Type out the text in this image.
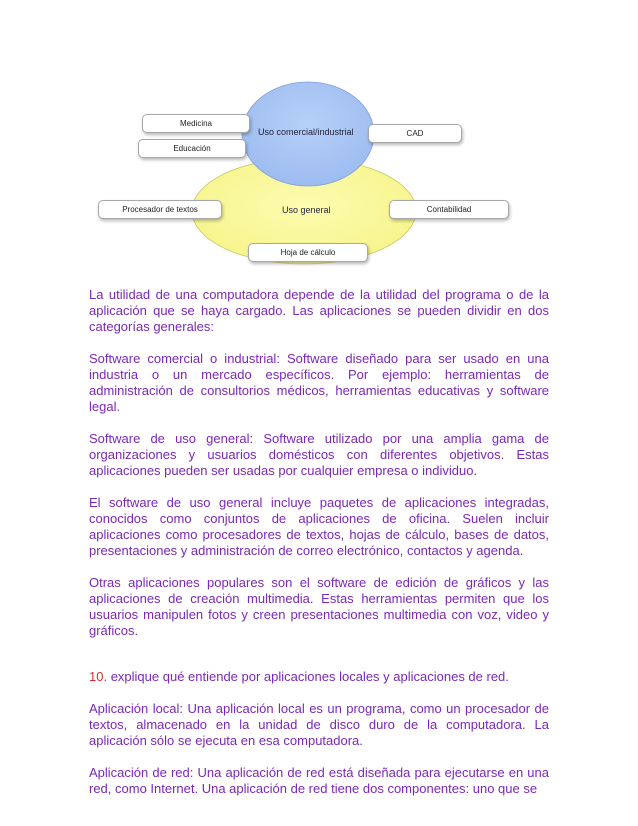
Uso comercial/industrial
Uso general
Medicina
Educación
CAD
Procesador de textos	Contabilidad
Hoja de cálculo

La utilidad de una computadora depende de la utilidad del programa o de la aplicación que se haya cargado. Las aplicaciones se pueden dividir en dos categorías generales:

Software comercial o industrial: Software diseñado para ser usado en una industria o un mercado específicos. Por ejemplo: herramientas de administración de consultorios médicos, herramientas educativas y software legal.

Software de uso general: Software utilizado por una amplia gama de organizaciones y usuarios domésticos con diferentes objetivos. Estas aplicaciones pueden ser usadas por cualquier empresa o individuo.

El software de uso general incluye paquetes de aplicaciones integradas, conocidos como conjuntos de aplicaciones de oficina. Suelen incluir aplicaciones como procesadores de textos, hojas de cálculo, bases de datos, presentaciones y administración de correo electrónico, contactos y agenda.

Otras aplicaciones populares son el software de edición de gráficos y las aplicaciones de creación multimedia. Estas herramientas permiten que los usuarios manipulen fotos y creen presentaciones multimedia con voz, video y gráficos.

10. explique qué entiende por aplicaciones locales y aplicaciones de red.

Aplicación local: Una aplicación local es un programa, como un procesador de textos, almacenado en la unidad de disco duro de la computadora. La aplicación sólo se ejecuta en esa computadora.

Aplicación de red: Una aplicación de red está diseñada para ejecutarse en una red, como Internet. Una aplicación de red tiene dos componentes: uno que se
